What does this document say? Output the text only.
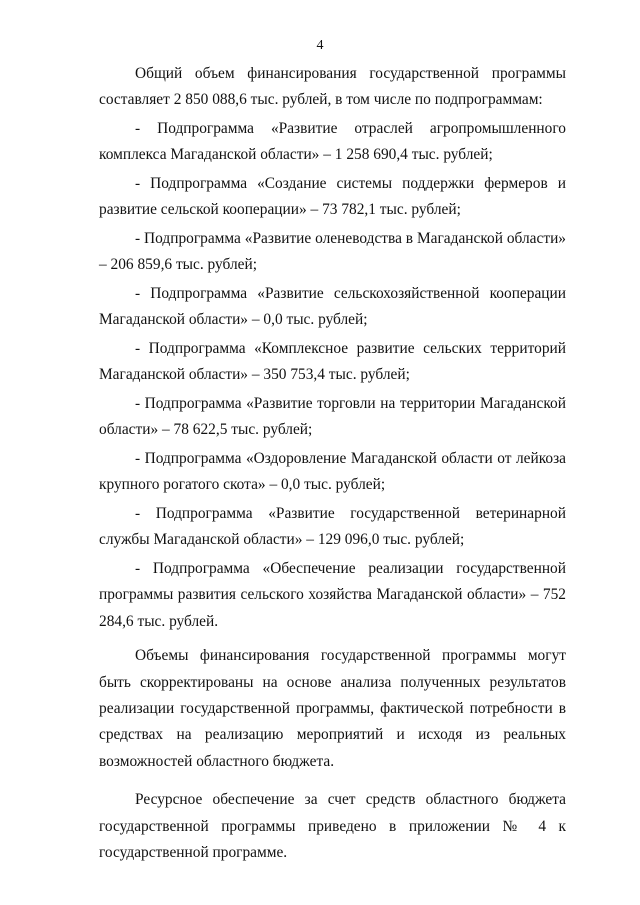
4

Общий объем финансирования государственной программы составляет 2 850 088,6 тыс. рублей, в том числе по подпрограммам:

- Подпрограмма «Развитие отраслей агропромышленного комплекса Магаданской области» – 1 258 690,4 тыс. рублей;

- Подпрограмма «Создание системы поддержки фермеров и развитие сельской кооперации» – 73 782,1 тыс. рублей;

- Подпрограмма «Развитие оленеводства в Магаданской области» – 206 859,6 тыс. рублей;

- Подпрограмма «Развитие сельскохозяйственной кооперации Магаданской области» – 0,0 тыс. рублей;

- Подпрограмма «Комплексное развитие сельских территорий Магаданской области» – 350 753,4 тыс. рублей;

- Подпрограмма «Развитие торговли на территории Магаданской области» – 78 622,5 тыс. рублей;

- Подпрограмма «Оздоровление Магаданской области от лейкоза крупного рогатого скота» – 0,0 тыс. рублей;

- Подпрограмма «Развитие государственной ветеринарной службы Магаданской области» – 129 096,0 тыс. рублей;

- Подпрограмма «Обеспечение реализации государственной программы развития сельского хозяйства Магаданской области» – 752 284,6 тыс. рублей.

Объемы финансирования государственной программы могут быть скорректированы на основе анализа полученных результатов реализации государственной программы, фактической потребности в средствах на реализацию мероприятий и исходя из реальных возможностей областного бюджета.

Ресурсное обеспечение за счет средств областного бюджета государственной программы приведено в приложении № 4 к государственной программе.
